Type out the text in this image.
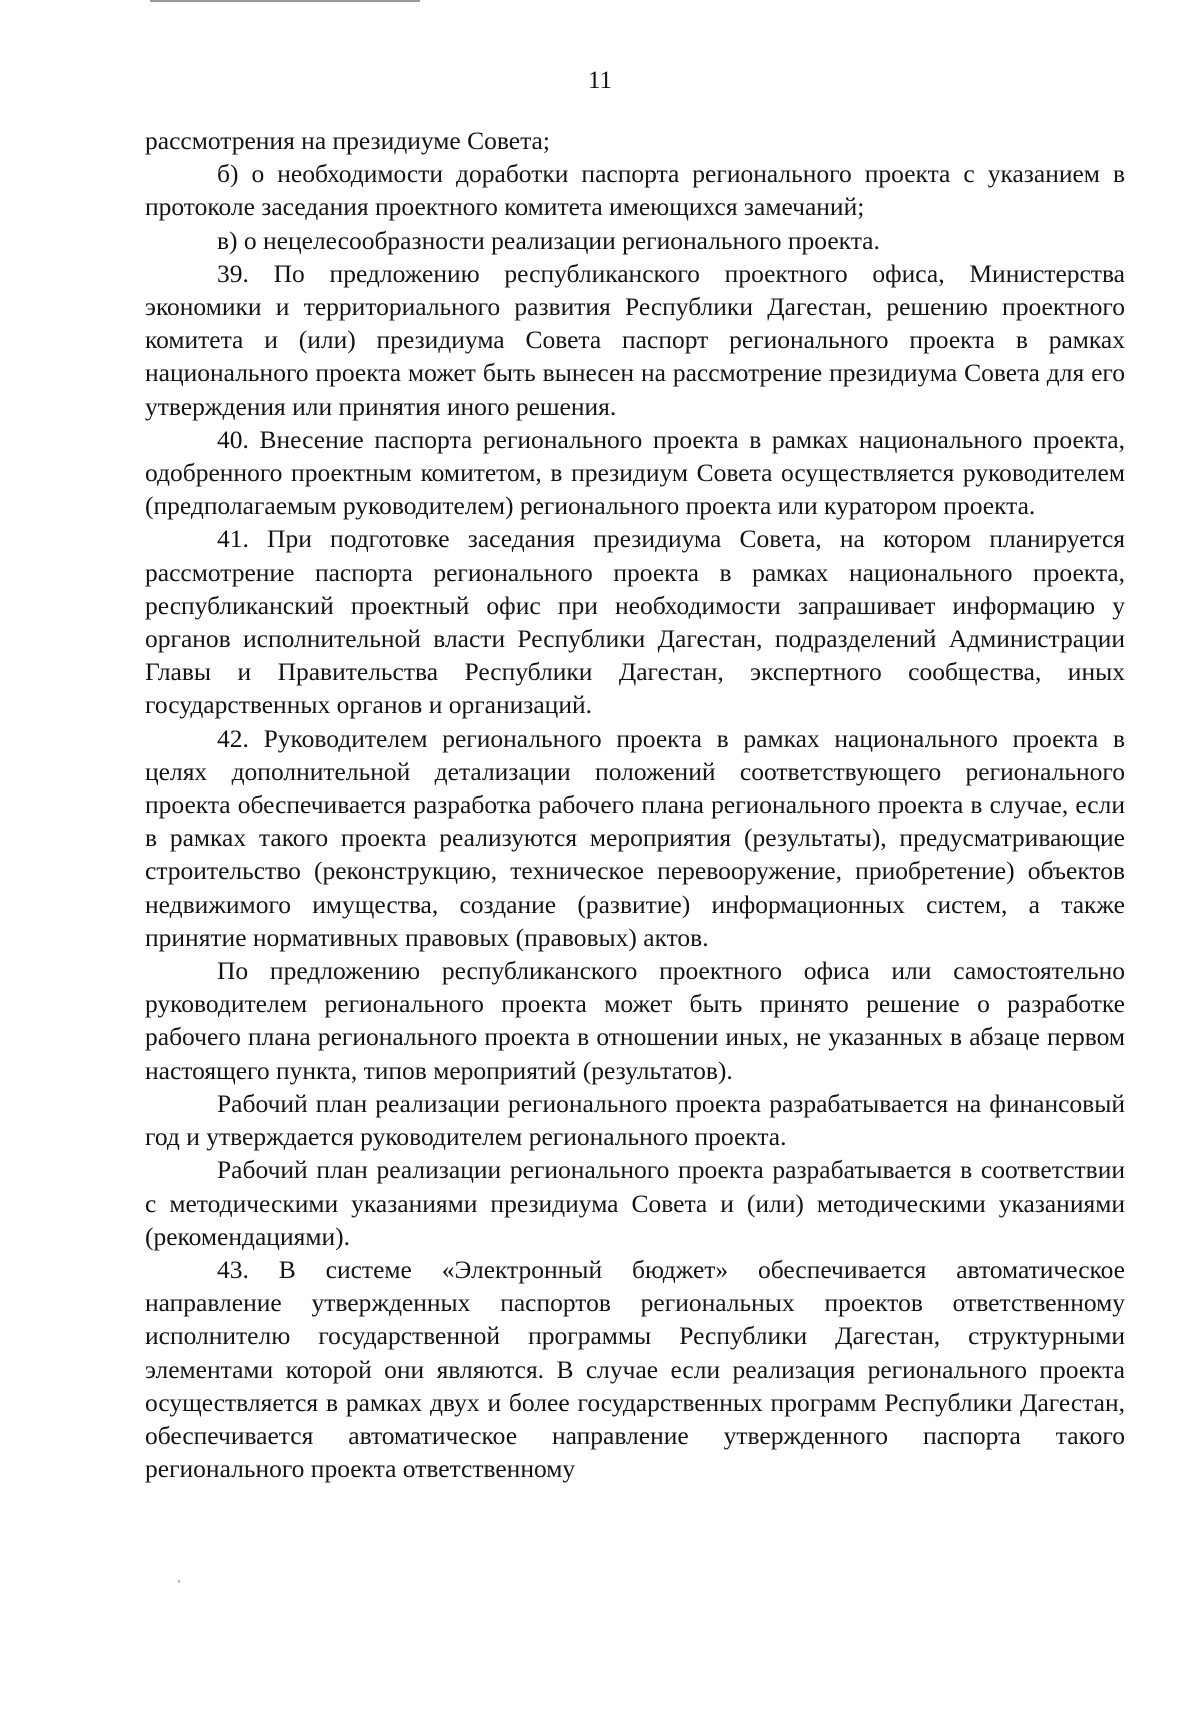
11

рассмотрения на президиуме Совета;

б) о необходимости доработки паспорта регионального проекта с указанием в протоколе заседания проектного комитета имеющихся замечаний;

в) о нецелесообразности реализации регионального проекта.

39. По предложению республиканского проектного офиса, Министерства экономики и территориального развития Республики Дагестан, решению проектного комитета и (или) президиума Совета паспорт регионального проекта в рамках национального проекта может быть вынесен на рассмотрение президиума Совета для его утверждения или принятия иного решения.

40. Внесение паспорта регионального проекта в рамках национального проекта, одобренного проектным комитетом, в президиум Совета осуществляется руководителем (предполагаемым руководителем) регионального проекта или куратором проекта.

41. При подготовке заседания президиума Совета, на котором планируется рассмотрение паспорта регионального проекта в рамках национального проекта, республиканский проектный офис при необходимости запрашивает информацию у органов исполнительной власти Республики Дагестан, подразделений Администрации Главы и Правительства Республики Дагестан, экспертного сообщества, иных государственных органов и организаций.

42. Руководителем регионального проекта в рамках национального проекта в целях дополнительной детализации положений соответствующего регионального проекта обеспечивается разработка рабочего плана регионального проекта в случае, если в рамках такого проекта реализуются мероприятия (результаты), предусматривающие строительство (реконструкцию, техническое перевооружение, приобретение) объектов недвижимого имущества, создание (развитие) информационных систем, а также принятие нормативных правовых (правовых) актов.

По предложению республиканского проектного офиса или самостоятельно руководителем регионального проекта может быть принято решение о разработке рабочего плана регионального проекта в отношении иных, не указанных в абзаце первом настоящего пункта, типов мероприятий (результатов).

Рабочий план реализации регионального проекта разрабатывается на финансовый год и утверждается руководителем регионального проекта.

Рабочий план реализации регионального проекта разрабатывается в соответствии с методическими указаниями президиума Совета и (или) методическими указаниями (рекомендациями).

43. В системе «Электронный бюджет» обеспечивается автоматическое направление утвержденных паспортов региональных проектов ответственному исполнителю государственной программы Республики Дагестан, структурными элементами которой они являются. В случае если реализация регионального проекта осуществляется в рамках двух и более государственных программ Республики Дагестан, обеспечивается автоматическое направление утвержденного паспорта такого регионального проекта ответственному
